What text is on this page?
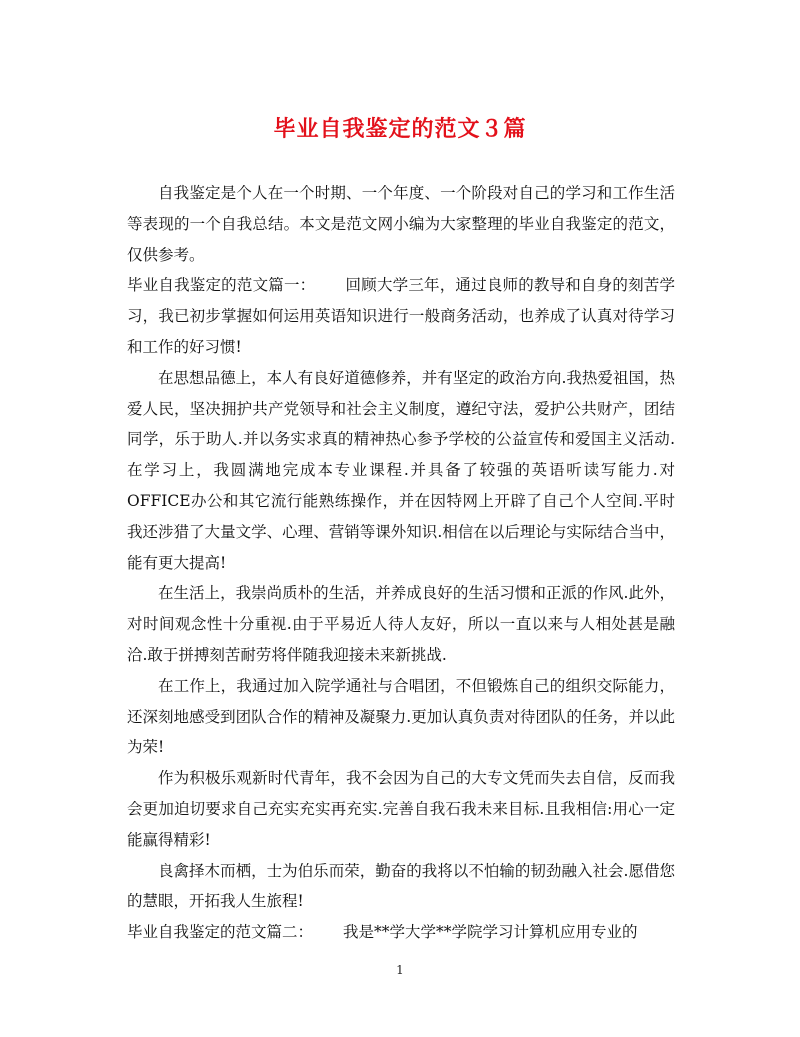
毕业自我鉴定的范文３篇

自我鉴定是个人在一个时期、一个年度、一个阶段对自己的学习和工作生活等表现的一个自我总结。本文是范文网小编为大家整理的毕业自我鉴定的范文，仅供参考。

毕业自我鉴定的范文篇一： 回顾大学三年，通过良师的教导和自身的刻苦学习，我已初步掌握如何运用英语知识进行一般商务活动，也养成了认真对待学习和工作的好习惯!

在思想品德上，本人有良好道德修养，并有坚定的政治方向.我热爱祖国，热爱人民，坚决拥护共产党领导和社会主义制度，遵纪守法，爱护公共财产，团结同学，乐于助人.并以务实求真的精神热心参予学校的公益宣传和爱国主义活动. 在学习上，我圆满地完成本专业课程.并具备了较强的英语听读写能力.对OFFICE办公和其它流行能熟练操作，并在因特网上开辟了自己个人空间.平时我还涉猎了大量文学、心理、营销等课外知识.相信在以后理论与实际结合当中，能有更大提高!

在生活上，我崇尚质朴的生活，并养成良好的生活习惯和正派的作风.此外，对时间观念性十分重视.由于平易近人待人友好，所以一直以来与人相处甚是融洽.敢于拼搏刻苦耐劳将伴随我迎接未来新挑战.

在工作上，我通过加入院学通社与合唱团，不但锻炼自己的组织交际能力，还深刻地感受到团队合作的精神及凝聚力.更加认真负责对待团队的任务，并以此为荣!

作为积极乐观新时代青年，我不会因为自己的大专文凭而失去自信，反而我会更加迫切要求自己充实充实再充实.完善自我石我未来目标.且我相信:用心一定能赢得精彩!

良禽择木而栖，士为伯乐而荣，勤奋的我将以不怕输的韧劲融入社会.愿借您的慧眼，开拓我人生旅程!

毕业自我鉴定的范文篇二： 我是**学大学**学院学习计算机应用专业的

1
